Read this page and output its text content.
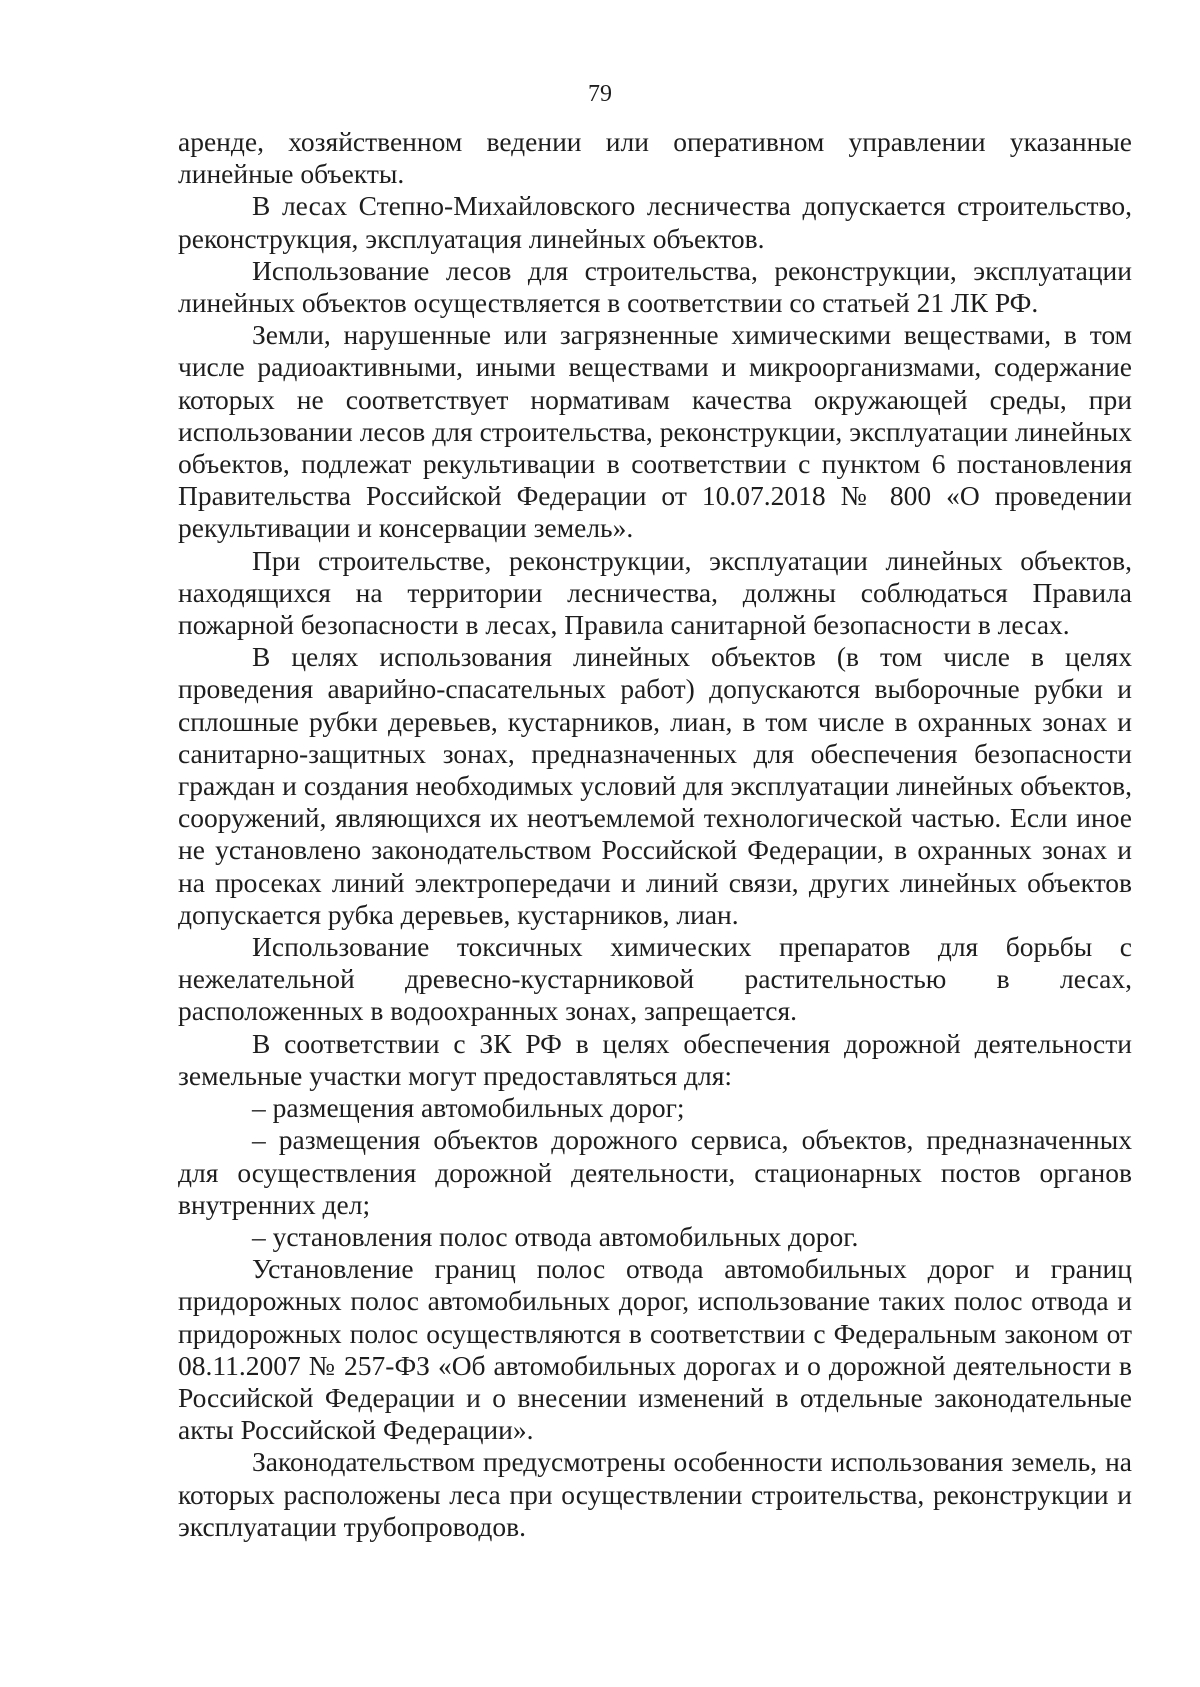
79

аренде, хозяйственном ведении или оперативном управлении указанные линейные объекты.

В лесах Степно-Михайловского лесничества допускается строительство, реконструкция, эксплуатация линейных объектов.

Использование лесов для строительства, реконструкции, эксплуатации линейных объектов осуществляется в соответствии со статьей 21 ЛК РФ.

Земли, нарушенные или загрязненные химическими веществами, в том числе радиоактивными, иными веществами и микроорганизмами, содержание которых не соответствует нормативам качества окружающей среды, при использовании лесов для строительства, реконструкции, эксплуатации линейных объектов, подлежат рекультивации в соответствии с пунктом 6 постановления Правительства Российской Федерации от 10.07.2018 № 800 «О проведении рекультивации и консервации земель».

При строительстве, реконструкции, эксплуатации линейных объектов, находящихся на территории лесничества, должны соблюдаться Правила пожарной безопасности в лесах, Правила санитарной безопасности в лесах.

В целях использования линейных объектов (в том числе в целях проведения аварийно-спасательных работ) допускаются выборочные рубки и сплошные рубки деревьев, кустарников, лиан, в том числе в охранных зонах и санитарно-защитных зонах, предназначенных для обеспечения безопасности граждан и создания необходимых условий для эксплуатации линейных объектов, сооружений, являющихся их неотъемлемой технологической частью. Если иное не установлено законодательством Российской Федерации, в охранных зонах и на просеках линий электропередачи и линий связи, других линейных объектов допускается рубка деревьев, кустарников, лиан.

Использование токсичных химических препаратов для борьбы с нежелательной древесно-кустарниковой растительностью в лесах, расположенных в водоохранных зонах, запрещается.

В соответствии с ЗК РФ в целях обеспечения дорожной деятельности земельные участки могут предоставляться для:

– размещения автомобильных дорог;

– размещения объектов дорожного сервиса, объектов, предназначенных для осуществления дорожной деятельности, стационарных постов органов внутренних дел;

– установления полос отвода автомобильных дорог.

Установление границ полос отвода автомобильных дорог и границ придорожных полос автомобильных дорог, использование таких полос отвода и придорожных полос осуществляются в соответствии с Федеральным законом от 08.11.2007 № 257-ФЗ «Об автомобильных дорогах и о дорожной деятельности в Российской Федерации и о внесении изменений в отдельные законодательные акты Российской Федерации».

Законодательством предусмотрены особенности использования земель, на которых расположены леса при осуществлении строительства, реконструкции и эксплуатации трубопроводов.
